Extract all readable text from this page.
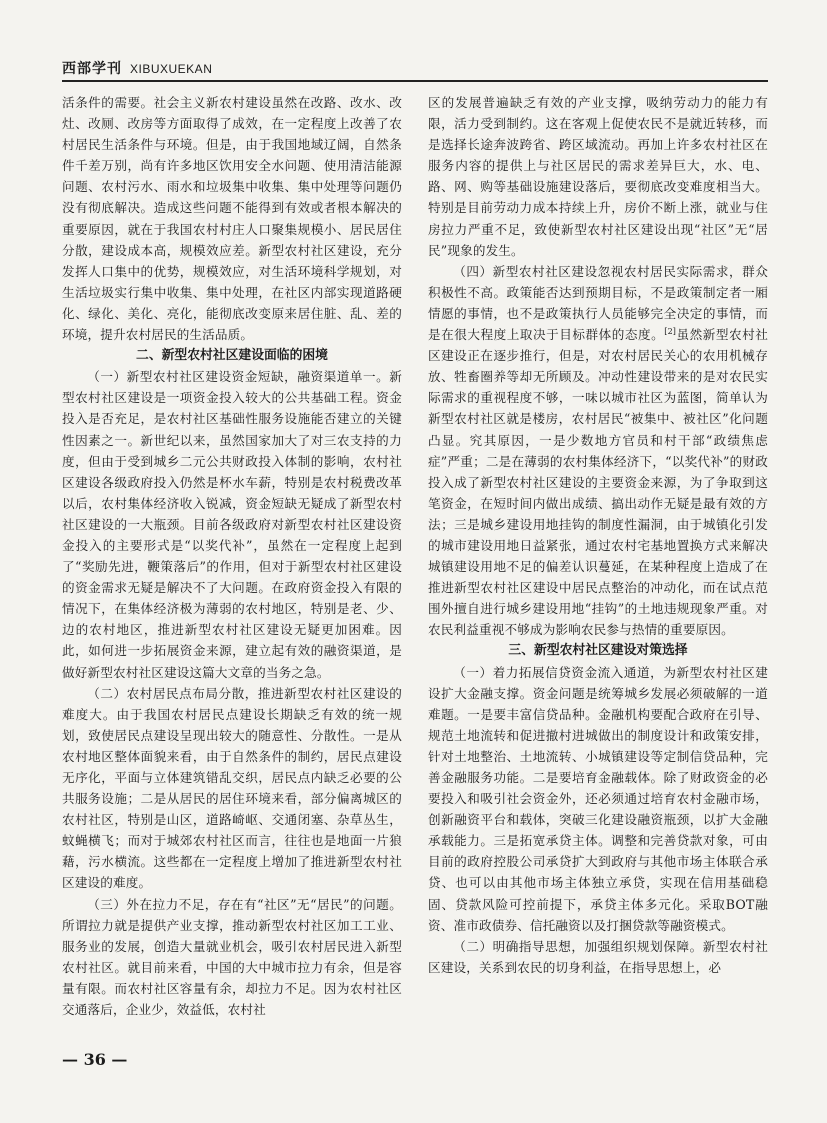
西部学刊 XIBUXUEKAN

活条件的需要。社会主义新农村建设虽然在改路、改水、改灶、改厕、改房等方面取得了成效，在一定程度上改善了农村居民生活条件与环境。但是，由于我国地域辽阔，自然条件千差万别，尚有许多地区饮用安全水问题、使用清洁能源问题、农村污水、雨水和垃圾集中收集、集中处理等问题仍没有彻底解决。造成这些问题不能得到有效或者根本解决的重要原因，就在于我国农村村庄人口聚集规模小、居民居住分散，建设成本高，规模效应差。新型农村社区建设，充分发挥人口集中的优势，规模效应，对生活环境科学规划，对生活垃圾实行集中收集、集中处理，在社区内部实现道路硬化、绿化、美化、亮化，能彻底改变原来居住脏、乱、差的环境，提升农村居民的生活品质。

二、新型农村社区建设面临的困境

（一）新型农村社区建设资金短缺，融资渠道单一。新型农村社区建设是一项资金投入较大的公共基础工程。资金投入是否充足，是农村社区基础性服务设施能否建立的关键性因素之一。新世纪以来，虽然国家加大了对三农支持的力度，但由于受到城乡二元公共财政投入体制的影响，农村社区建设各级政府投入仍然是杯水车薪，特别是农村税费改革以后，农村集体经济收入锐减，资金短缺无疑成了新型农村社区建设的一大瓶颈。目前各级政府对新型农村社区建设资金投入的主要形式是“以奖代补”，虽然在一定程度上起到了“奖励先进，鞭策落后”的作用，但对于新型农村社区建设的资金需求无疑是解决不了大问题。在政府资金投入有限的情况下，在集体经济极为薄弱的农村地区，特别是老、少、边的农村地区，推进新型农村社区建设无疑更加困难。因此，如何进一步拓展资金来源，建立起有效的融资渠道，是做好新型农村社区建设这篇大文章的当务之急。

（二）农村居民点布局分散，推进新型农村社区建设的难度大。由于我国农村居民点建设长期缺乏有效的统一规划，致使居民点建设呈现出较大的随意性、分散性。一是从农村地区整体面貌来看，由于自然条件的制约，居民点建设无序化，平面与立体建筑错乱交织，居民点内缺乏必要的公共服务设施；二是从居民的居住环境来看，部分偏离城区的农村社区，特别是山区，道路崎岖、交通闭塞、杂草丛生，蚊蝇横飞；而对于城郊农村社区而言，往往也是地面一片狼藉，污水横流。这些都在一定程度上增加了推进新型农村社区建设的难度。

（三）外在拉力不足，存在有“社区”无“居民”的问题。所谓拉力就是提供产业支撑，推动新型农村社区加工工业、服务业的发展，创造大量就业机会，吸引农村居民进入新型农村社区。就目前来看，中国的大中城市拉力有余，但是容量有限。而农村社区容量有余，却拉力不足。因为农村社区交通落后，企业少，效益低，农村社

区的发展普遍缺乏有效的产业支撑，吸纳劳动力的能力有限，活力受到制约。这在客观上促使农民不是就近转移，而是选择长途奔波跨省、跨区域流动。再加上许多农村社区在服务内容的提供上与社区居民的需求差异巨大，水、电、路、网、购等基础设施建设落后，要彻底改变难度相当大。特别是目前劳动力成本持续上升，房价不断上涨，就业与住房拉力严重不足，致使新型农村社区建设出现“社区”无“居民”现象的发生。

（四）新型农村社区建设忽视农村居民实际需求，群众积极性不高。政策能否达到预期目标，不是政策制定者一厢情愿的事情，也不是政策执行人员能够完全决定的事情，而是在很大程度上取决于目标群体的态度。[2]虽然新型农村社区建设正在逐步推行，但是，对农村居民关心的农用机械存放、牲畜圈养等却无所顾及。冲动性建设带来的是对农民实际需求的重视程度不够，一味以城市社区为蓝图，简单认为新型农村社区就是楼房，农村居民“被集中、被社区”化问题凸显。究其原因，一是少数地方官员和村干部“政绩焦虑症”严重；二是在薄弱的农村集体经济下，“以奖代补”的财政投入成了新型农村社区建设的主要资金来源，为了争取到这笔资金，在短时间内做出成绩、搞出动作无疑是最有效的方法；三是城乡建设用地挂钩的制度性漏洞，由于城镇化引发的城市建设用地日益紧张，通过农村宅基地置换方式来解决城镇建设用地不足的偏差认识蔓延，在某种程度上造成了在推进新型农村社区建设中居民点整治的冲动化，而在试点范围外擅自进行城乡建设用地“挂钩”的土地违规现象严重。对农民利益重视不够成为影响农民参与热情的重要原因。

三、新型农村社区建设对策选择

（一）着力拓展信贷资金流入通道，为新型农村社区建设扩大金融支撑。资金问题是统筹城乡发展必须破解的一道难题。一是要丰富信贷品种。金融机构要配合政府在引导、规范土地流转和促进撤村进城做出的制度设计和政策安排，针对土地整治、土地流转、小城镇建设等定制信贷品种，完善金融服务功能。二是要培育金融载体。除了财政资金的必要投入和吸引社会资金外，还必须通过培育农村金融市场，创新融资平台和载体，突破三化建设融资瓶颈，以扩大金融承载能力。三是拓宽承贷主体。调整和完善贷款对象，可由目前的政府控股公司承贷扩大到政府与其他市场主体联合承贷、也可以由其他市场主体独立承贷，实现在信用基础稳固、贷款风险可控前提下，承贷主体多元化。采取BOT融资、准市政债券、信托融资以及打捆贷款等融资模式。

（二）明确指导思想，加强组织规划保障。新型农村社区建设，关系到农民的切身利益，在指导思想上，必

— 36 —
